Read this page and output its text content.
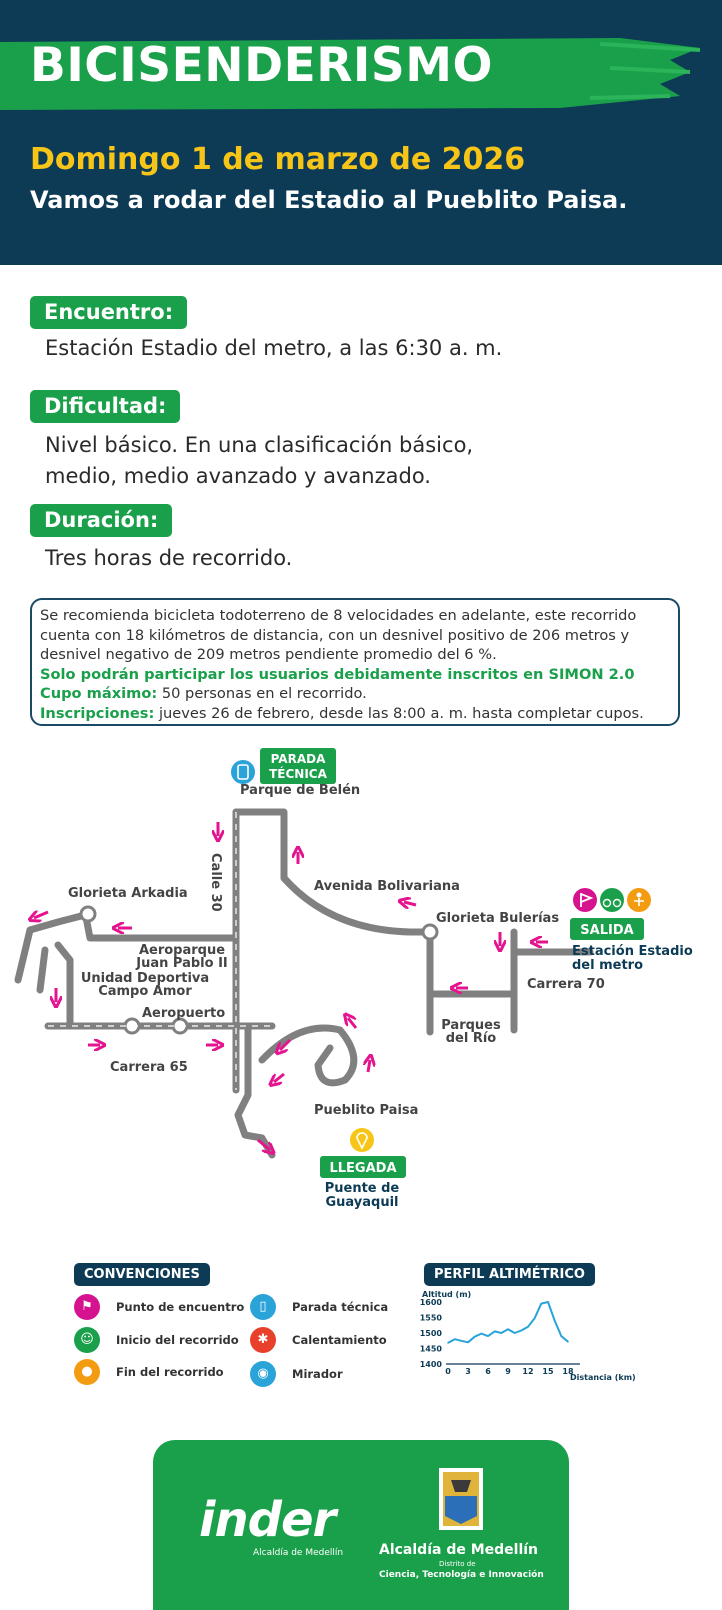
BICISENDERISMO
Domingo 1 de marzo de 2026
Vamos a rodar del Estadio al Pueblito Paisa.
Encuentro:
Estación Estadio del metro, a las 6:30 a. m.
Dificultad:
Nivel básico. En una clasificación básico,
medio, medio avanzado y avanzado.
Duración:
Tres horas de recorrido.
Se recomienda bicicleta todoterreno de 8 velocidades en adelante, este recorrido
cuenta con 18 kilómetros de distancia, con un desnivel positivo de 206 metros y
desnivel negativo de 209 metros pendiente promedio del 6 %.
Solo podrán participar los usuarios debidamente inscritos en SIMON 2.0
Cupo máximo: 50 personas en el recorrido.
Inscripciones: jueves 26 de febrero, desde las 8:00 a. m. hasta completar cupos.
PARADA
TÉCNICA
Parque de Belén
Calle 30	Avenida Bolivariana
Glorieta Arkadia
Glorieta Bulerías
SALIDA
Estación Estadio
del metro
Aeroparque
Juan Pablo II
Unidad Deportiva
Campo Amor	Carrera 70
Aeropuerto
Parques
del Río
Carrera 65
Pueblito Paisa
LLEGADA
Puente de
Guayaquil
CONVENCIONES
⚑	Punto de encuentro
☺	Inicio del recorrido
●	Fin del recorrido
▯	Parada técnica
✱	Calentamiento
◉	Mirador
PERFIL ALTIMÉTRICO
Altitud (m)
Distancia (km)
1600
1550
1500
1450
1400
0 3 6 9 12 15 18
inder
Alcaldía de Medellín	Alcaldía de Medellín
Distrito de
Ciencia, Tecnología e Innovación
